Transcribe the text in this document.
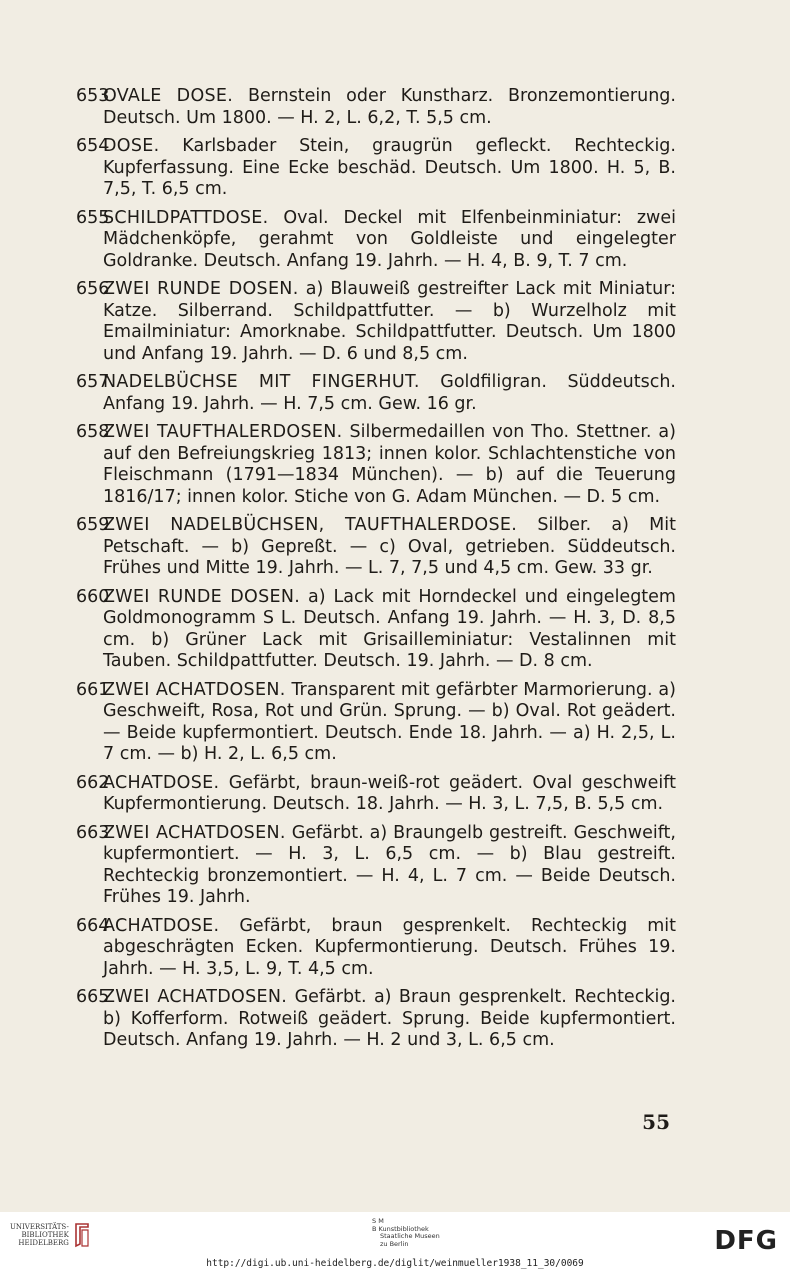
653
OVALE DOSE. Bernstein oder Kunstharz. Bronzemontierung. Deutsch. Um 1800. — H. 2, L. 6,2, T. 5,5 cm.
654
DOSE. Karlsbader Stein, graugrün gefleckt. Rechteckig. Kupferfassung. Eine Ecke beschäd. Deutsch. Um 1800. H. 5, B. 7,5, T. 6,5 cm.
655
SCHILDPATTDOSE. Oval. Deckel mit Elfenbeinminiatur: zwei Mädchenköpfe, gerahmt von Goldleiste und eingelegter Goldranke. Deutsch. Anfang 19. Jahrh. — H. 4, B. 9, T. 7 cm.
656
ZWEI RUNDE DOSEN. a) Blauweiß gestreifter Lack mit Miniatur: Katze. Silberrand. Schildpattfutter. — b) Wurzelholz mit Emailminiatur: Amorknabe. Schildpattfutter. Deutsch. Um 1800 und Anfang 19. Jahrh. — D. 6 und 8,5 cm.
657
NADELBÜCHSE MIT FINGERHUT. Goldfiligran. Süddeutsch. Anfang 19. Jahrh. — H. 7,5 cm. Gew. 16 gr.
658
ZWEI TAUFTHALERDOSEN. Silbermedaillen von Tho. Stettner. a) auf den Befreiungskrieg 1813; innen kolor. Schlachtenstiche von Fleischmann (1791—1834 München). — b) auf die Teuerung 1816/17; innen kolor. Stiche von G. Adam München. — D. 5 cm.
659
ZWEI NADELBÜCHSEN, TAUFTHALERDOSE. Silber. a) Mit Petschaft. — b) Gepreßt. — c) Oval, getrieben. Süddeutsch. Frühes und Mitte 19. Jahrh. — L. 7, 7,5 und 4,5 cm. Gew. 33 gr.
660
ZWEI RUNDE DOSEN. a) Lack mit Horndeckel und eingelegtem Goldmonogramm S L. Deutsch. Anfang 19. Jahrh. — H. 3, D. 8,5 cm. b) Grüner Lack mit Grisailleminiatur: Vestalinnen mit Tauben. Schildpattfutter. Deutsch. 19. Jahrh. — D. 8 cm.
661
ZWEI ACHATDOSEN. Transparent mit gefärbter Marmorierung. a) Geschweift, Rosa, Rot und Grün. Sprung. — b) Oval. Rot geädert. — Beide kupfermontiert. Deutsch. Ende 18. Jahrh. — a) H. 2,5, L. 7 cm. — b) H. 2, L. 6,5 cm.
662
ACHATDOSE. Gefärbt, braun-weiß-rot geädert. Oval geschweift Kupfermontierung. Deutsch. 18. Jahrh. — H. 3, L. 7,5, B. 5,5 cm.
663
ZWEI ACHATDOSEN. Gefärbt. a) Braungelb gestreift. Geschweift, kupfermontiert. — H. 3, L. 6,5 cm. — b) Blau gestreift. Rechteckig bronzemontiert. — H. 4, L. 7 cm. — Beide Deutsch. Frühes 19. Jahrh.
664
ACHATDOSE. Gefärbt, braun gesprenkelt. Rechteckig mit abgeschrägten Ecken. Kupfermontierung. Deutsch. Frühes 19. Jahrh. — H. 3,5, L. 9, T. 4,5 cm.
665
ZWEI ACHATDOSEN. Gefärbt. a) Braun gesprenkelt. Rechteckig. b) Kofferform. Rotweiß geädert. Sprung. Beide kupfermontiert. Deutsch. Anfang 19. Jahrh. — H. 2 und 3, L. 6,5 cm.
55
UNIVERSITÄTS-
BIBLIOTHEK
HEIDELBERG
S M
B Kunstbibliothek
Staatliche Museen
zu Berlin
http://digi.ub.uni-heidelberg.de/diglit/weinmueller1938_11_30/0069
DFG
